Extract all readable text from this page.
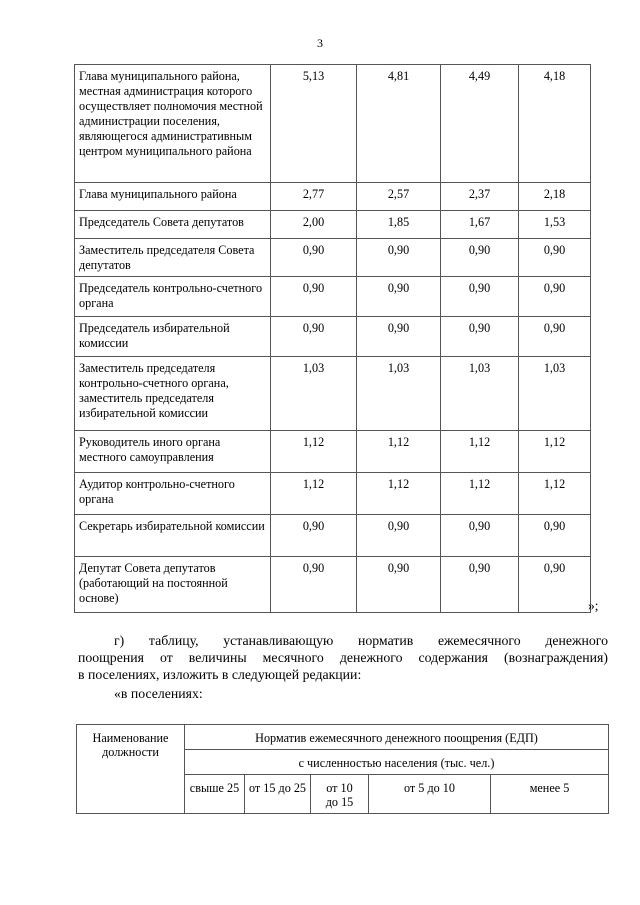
3
Глава муниципального района, местная администрация которого осуществляет полномочия местной администрации поселения, являющегося административным центром муниципального района	5,13	4,81	4,49	4,18
Глава муниципального района	2,77	2,57	2,37	2,18
Председатель Совета депутатов	2,00	1,85	1,67	1,53
Заместитель председателя Совета депутатов	0,90	0,90	0,90	0,90
Председатель контрольно-счетного органа	0,90	0,90	0,90	0,90
Председатель избирательной комиссии	0,90	0,90	0,90	0,90
Заместитель председателя контрольно-счетного органа, заместитель председателя избирательной комиссии	1,03	1,03	1,03	1,03
Руководитель иного органа местного самоуправления	1,12	1,12	1,12	1,12
Аудитор контрольно-счетного органа	1,12	1,12	1,12	1,12
Секретарь избирательной комиссии	0,90	0,90	0,90	0,90
Депутат Совета депутатов (работающий на постоянной основе)	0,90	0,90	0,90	0,90
»;
г) таблицу, устанавливающую норматив ежемесячного денежного
поощрения от величины месячного денежного содержания (вознаграждения)
в поселениях, изложить в следующей редакции:
«в поселениях:
Наименование должности	Норматив ежемесячного денежного поощрения (ЕДП)				
	с численностью населения (тыс. чел.)				
	свыше 25	от 15 до 25	от 10 до 15	от 5 до 10	менее 5
